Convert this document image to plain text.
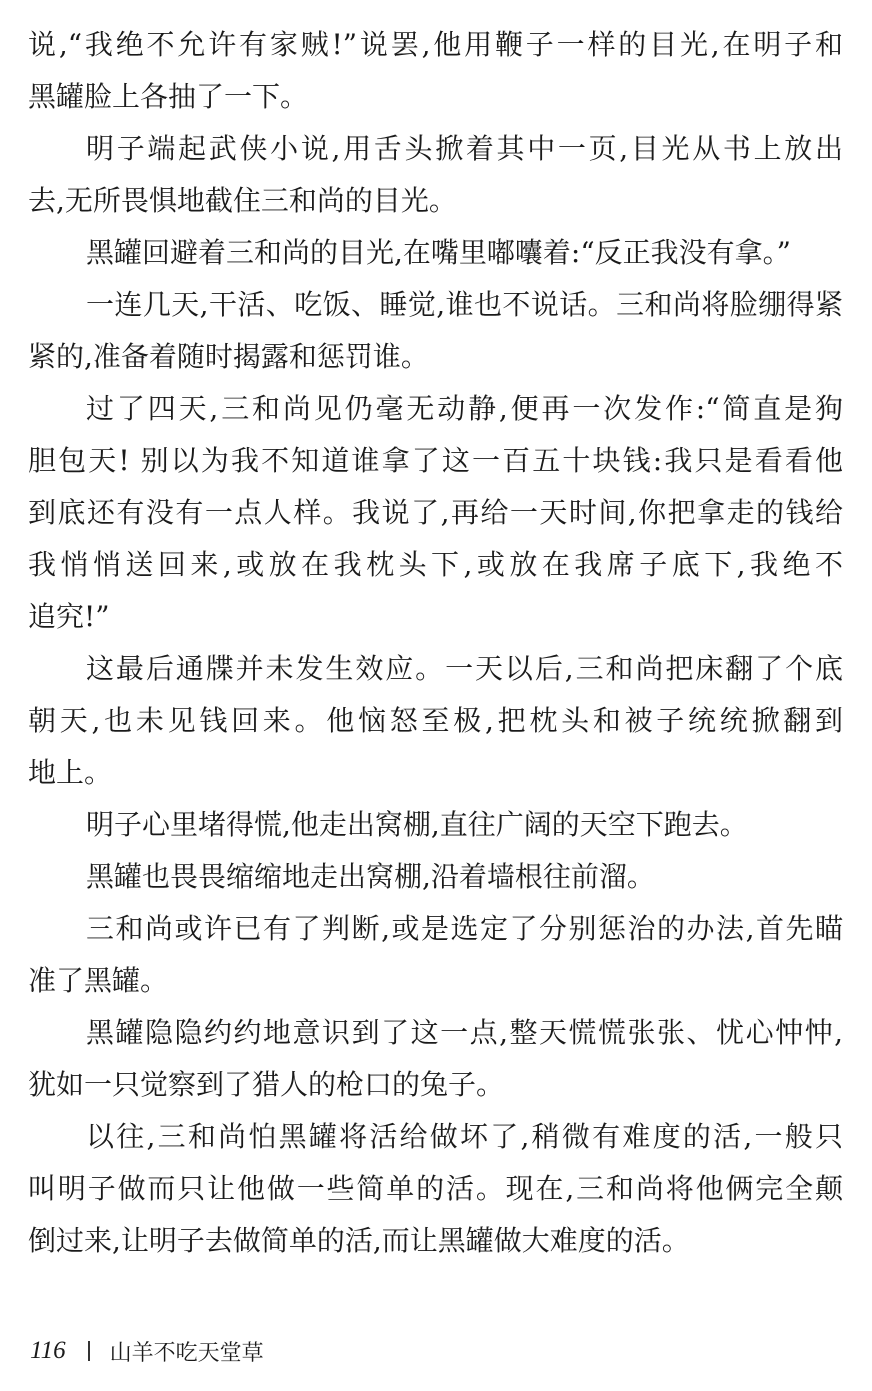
说,“我绝不允许有家贼!”说罢,他用鞭子一样的目光,在明子和
黑罐脸上各抽了一下。
明子端起武侠小说,用舌头掀着其中一页,目光从书上放出
去,无所畏惧地截住三和尚的目光。
黑罐回避着三和尚的目光,在嘴里嘟囔着:“反正我没有拿。”
一连几天,干活、吃饭、睡觉,谁也不说话。三和尚将脸绷得紧
紧的,准备着随时揭露和惩罚谁。
过了四天,三和尚见仍毫无动静,便再一次发作:“简直是狗
胆包天! 别以为我不知道谁拿了这一百五十块钱:我只是看看他
到底还有没有一点人样。我说了,再给一天时间,你把拿走的钱给
我悄悄送回来,或放在我枕头下,或放在我席子底下,我绝不
追究!”
这最后通牒并未发生效应。一天以后,三和尚把床翻了个底
朝天,也未见钱回来。他恼怒至极,把枕头和被子统统掀翻到
地上。
明子心里堵得慌,他走出窝棚,直往广阔的天空下跑去。
黑罐也畏畏缩缩地走出窝棚,沿着墙根往前溜。
三和尚或许已有了判断,或是选定了分别惩治的办法,首先瞄
准了黑罐。
黑罐隐隐约约地意识到了这一点,整天慌慌张张、忧心忡忡,
犹如一只觉察到了猎人的枪口的兔子。
以往,三和尚怕黑罐将活给做坏了,稍微有难度的活,一般只
叫明子做而只让他做一些简单的活。现在,三和尚将他俩完全颠
倒过来,让明子去做简单的活,而让黑罐做大难度的活。
116 山羊不吃天堂草
